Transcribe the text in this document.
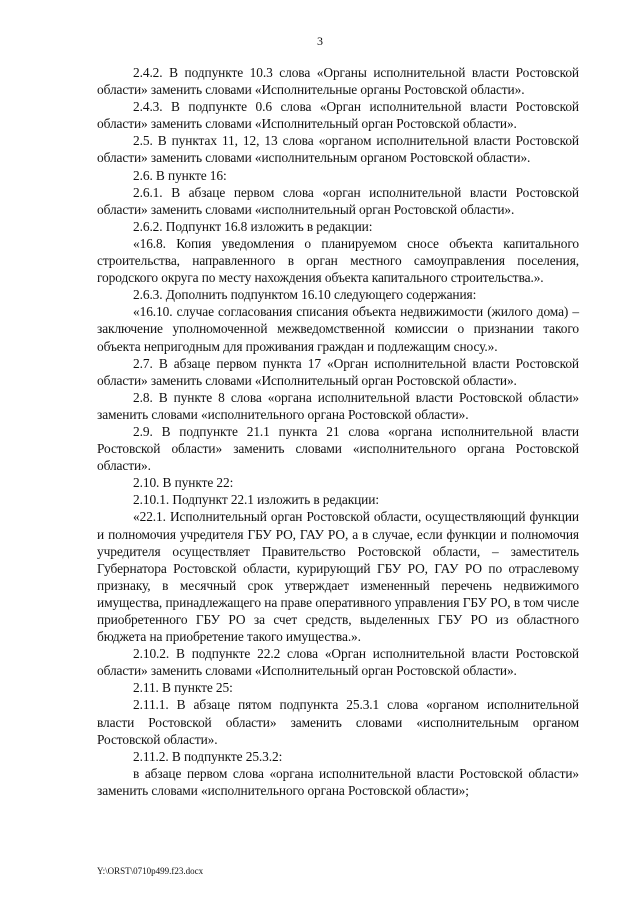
3

2.4.2. В подпункте 10.3 слова «Органы исполнительной власти Ростовской области» заменить словами «Исполнительные органы Ростовской области».

2.4.3. В подпункте 0.6 слова «Орган исполнительной власти Ростовской области» заменить словами «Исполнительный орган Ростовской области».

2.5. В пунктах 11, 12, 13 слова «органом исполнительной власти Ростовской области» заменить словами «исполнительным органом Ростовской области».

2.6. В пункте 16:

2.6.1. В абзаце первом слова «орган исполнительной власти Ростовской области» заменить словами «исполнительный орган Ростовской области».

2.6.2. Подпункт 16.8 изложить в редакции:

«16.8. Копия уведомления о планируемом сносе объекта капитального строительства, направленного в орган местного самоуправления поселения, городского округа по месту нахождения объекта капитального строительства.».

2.6.3. Дополнить подпунктом 16.10 следующего содержания:

«16.10. случае согласования списания объекта недвижимости (жилого дома) – заключение уполномоченной межведомственной комиссии о признании такого объекта непригодным для проживания граждан и подлежащим сносу.».

2.7. В абзаце первом пункта 17 «Орган исполнительной власти Ростовской области» заменить словами «Исполнительный орган Ростовской области».

2.8. В пункте 8 слова «органа исполнительной власти Ростовской области» заменить словами «исполнительного органа Ростовской области».

2.9. В подпункте 21.1 пункта 21 слова «органа исполнительной власти Ростовской области» заменить словами «исполнительного органа Ростовской области».

2.10. В пункте 22:

2.10.1. Подпункт 22.1 изложить в редакции:

«22.1. Исполнительный орган Ростовской области, осуществляющий функции и полномочия учредителя ГБУ РО, ГАУ РО, а в случае, если функции и полномочия учредителя осуществляет Правительство Ростовской области, – заместитель Губернатора Ростовской области, курирующий ГБУ РО, ГАУ РО по отраслевому признаку, в месячный срок утверждает измененный перечень недвижимого имущества, принадлежащего на праве оперативного управления ГБУ РО, в том числе приобретенного ГБУ РО за счет средств, выделенных ГБУ РО из областного бюджета на приобретение такого имущества.».

2.10.2. В подпункте 22.2 слова «Орган исполнительной власти Ростовской области» заменить словами «Исполнительный орган Ростовской области».

2.11. В пункте 25:

2.11.1. В абзаце пятом подпункта 25.3.1 слова «органом исполнительной власти Ростовской области» заменить словами «исполнительным органом Ростовской области».

2.11.2. В подпункте 25.3.2:

в абзаце первом слова «органа исполнительной власти Ростовской области» заменить словами «исполнительного органа Ростовской области»;

Y:\ORST\0710p499.f23.docx
